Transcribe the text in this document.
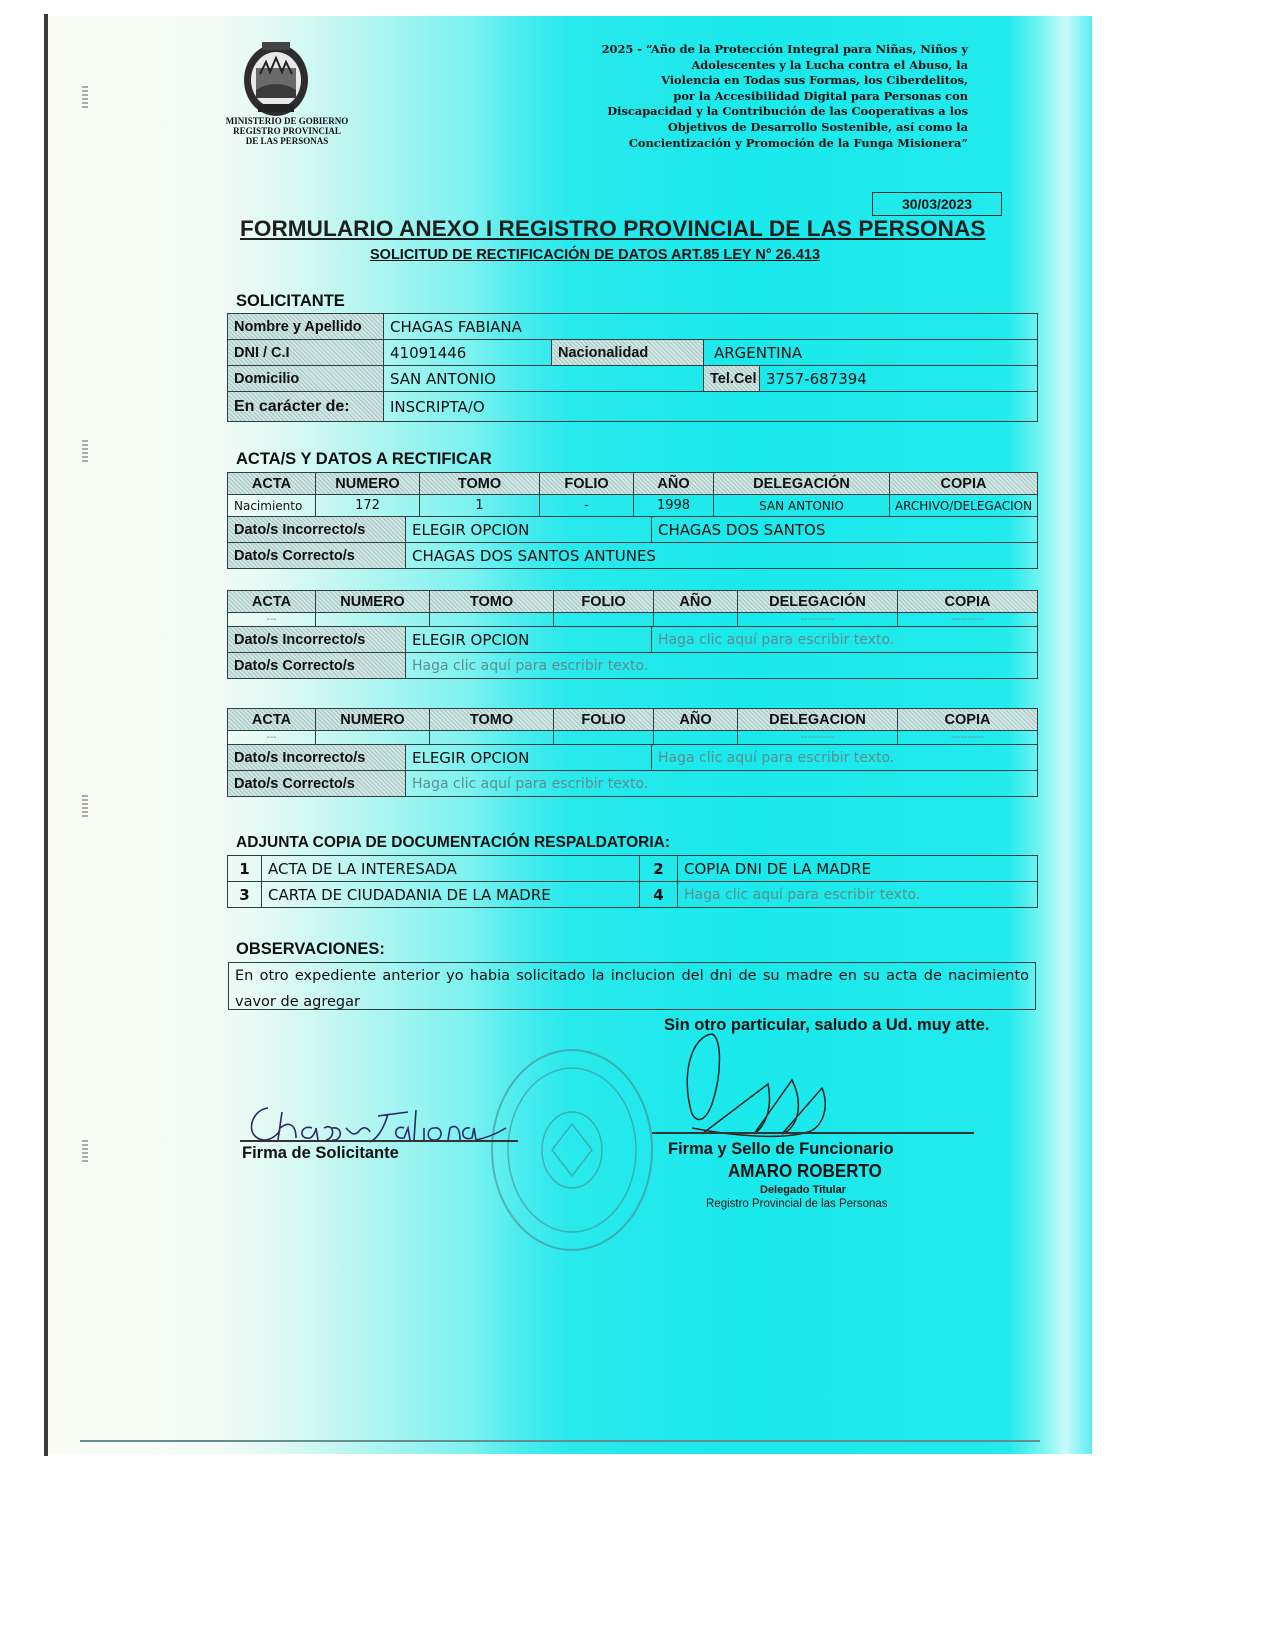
MINISTERIO DE GOBIERNO
REGISTRO PROVINCIAL
DE LAS PERSONAS
2025 - “Año de la Protección Integral para Niñas, Niños y
Adolescentes y la Lucha contra el Abuso, la
Violencia en Todas sus Formas, los Ciberdelitos,
por la Accesibilidad Digital para Personas con
Discapacidad y la Contribución de las Cooperativas a los
Objetivos de Desarrollo Sostenible, así como la
Concientización y Promoción de la Funga Misionera”
30/03/2023
FORMULARIO ANEXO I REGISTRO PROVINCIAL DE LAS PERSONAS
SOLICITUD DE RECTIFICACIÓN DE DATOS ART.85 LEY N° 26.413
SOLICITANTE
Nombre y Apellido	CHAGAS FABIANA			
DNI / C.I	41091446	Nacionalidad	ARGENTINA	
Domicilio	SAN ANTONIO		Tel.Cel	3757-687394
En carácter de:	INSCRIPTA/O			
ACTA/S Y DATOS A RECTIFICAR
ACTA	NUMERO	TOMO	FOLIO	AÑO	DELEGACIÓN	COPIA
Nacimiento	172	1	-	1998	SAN ANTONIO	ARCHIVO/DELEGACION
Dato/s Incorrecto/s	ELEGIR OPCION	CHAGAS DOS SANTOS
Dato/s Correcto/s	CHAGAS DOS SANTOS ANTUNES	
ACTA	NUMERO	TOMO	FOLIO	AÑO	DELEGACIÓN	COPIA
---					----------	----------
Dato/s Incorrecto/s	ELEGIR OPCION	Haga clic aquí para escribir texto.
Dato/s Correcto/s	Haga clic aquí para escribir texto.	
ACTA	NUMERO	TOMO	FOLIO	AÑO	DELEGACION	COPIA
---					----------	----------
Dato/s Incorrecto/s	ELEGIR OPCION	Haga clic aquí para escribir texto.
Dato/s Correcto/s	Haga clic aquí para escribir texto.	
ADJUNTA COPIA DE DOCUMENTACIÓN RESPALDATORIA:
1	ACTA DE LA INTERESADA	2	COPIA DNI DE LA MADRE
3	CARTA DE CIUDADANIA DE LA MADRE	4	Haga clic aquí para escribir texto.
OBSERVACIONES:
En otro expediente anterior yo habia solicitado la inclucion del dni de su madre en su acta de nacimiento vavor de agregar
Sin otro particular, saludo a Ud. muy atte.
Firma de Solicitante	Firma y Sello de Funcionario
AMARO ROBERTO
Delegado Titular
Registro Provincial de las Personas
